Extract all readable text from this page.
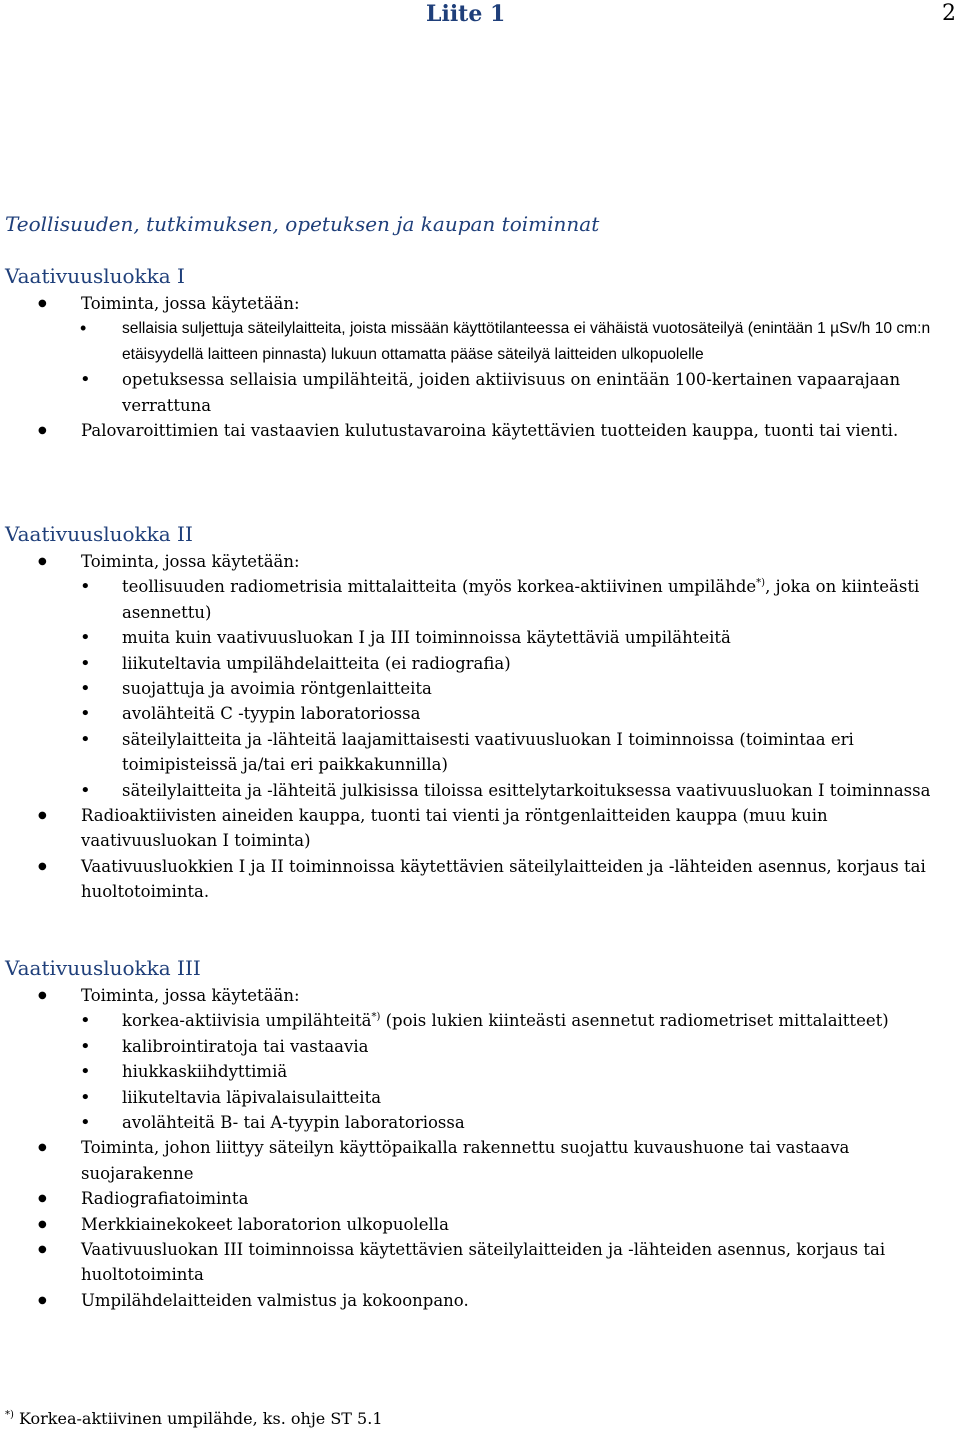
Liite 1	2
Teollisuuden, tutkimuksen, opetuksen ja kaupan toiminnat
Vaativuusluokka I
● Toiminta, jossa käytetään:
• sellaisia suljettuja säteilylaitteita, joista missään käyttötilanteessa ei vähäistä vuotosäteilyä (enintään 1 µSv/h 10 cm:n etäisyydellä laitteen pinnasta) lukuun ottamatta pääse säteilyä laitteiden ulkopuolelle
• opetuksessa sellaisia umpilähteitä, joiden aktiivisuus on enintään 100-kertainen vapaarajaan verrattuna
● Palovaroittimien tai vastaavien kulutustavaroina käytettävien tuotteiden kauppa, tuonti tai vienti.
Vaativuusluokka II
● Toiminta, jossa käytetään:
• teollisuuden radiometrisia mittalaitteita (myös korkea-aktiivinen umpilähde*), joka on kiinteästi asennettu)
• muita kuin vaativuusluokan I ja III toiminnoissa käytettäviä umpilähteitä
• liikuteltavia umpilähdelaitteita (ei radiografia)
• suojattuja ja avoimia röntgenlaitteita
• avolähteitä C -tyypin laboratoriossa
• säteilylaitteita ja -lähteitä laajamittaisesti vaativuusluokan I toiminnoissa (toimintaa eri toimipisteissä ja/tai eri paikkakunnilla)
• säteilylaitteita ja -lähteitä julkisissa tiloissa esittelytarkoituksessa vaativuusluokan I toiminnassa
● Radioaktiivisten aineiden kauppa, tuonti tai vienti ja röntgenlaitteiden kauppa (muu kuin vaativuusluokan I toiminta)
● Vaativuusluokkien I ja II toiminnoissa käytettävien säteilylaitteiden ja -lähteiden asennus, korjaus tai huoltotoiminta.
Vaativuusluokka III
● Toiminta, jossa käytetään:
• korkea-aktiivisia umpilähteitä*) (pois lukien kiinteästi asennetut radiometriset mittalaitteet)
• kalibrointiratoja tai vastaavia
• hiukkaskiihdyttimiä
• liikuteltavia läpivalaisulaitteita
• avolähteitä B- tai A-tyypin laboratoriossa
● Toiminta, johon liittyy säteilyn käyttöpaikalla rakennettu suojattu kuvaushuone tai vastaava suojarakenne
● Radiografiatoiminta
● Merkkiainekokeet laboratorion ulkopuolella
● Vaativuusluokan III toiminnoissa käytettävien säteilylaitteiden ja -lähteiden asennus, korjaus tai huoltotoiminta
● Umpilähdelaitteiden valmistus ja kokoonpano.
*) Korkea-aktiivinen umpilähde, ks. ohje ST 5.1
